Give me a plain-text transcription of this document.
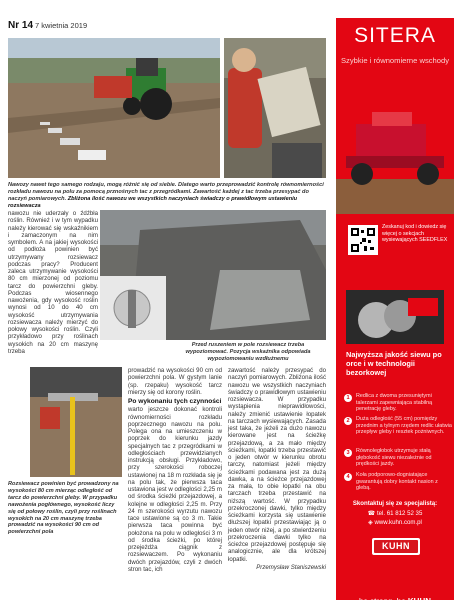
Nr 14 7 kwietnia 2019
Nawozy nawet tego samego rodzaju, mogą różnić się od siebie. Dlatego warto przeprowadzić kontrolę równomierności rozkładu nawozu na polu za pomocą prznośnych tac z przegródkami. Zawartość każdej z tac trzeba przesypać do naczyń pomiarowych. Zbliżona ilość nawozu we wszystkich naczyniach świadczy o prawidłowym ustawieniu rozsiewacza
nawozu nie uderzały o źdźbła roślin. Również i w tym wypadku należy kierować się wskaźnikiem i zamaczonym na nim symbolem. A na jakiej wysokości od podłoża powinien być utrzymywany rozsiewacz podczas pracy? Producent zaleca utrzymywanie wysokości 80 cm mierzonej od poziomu tarcz do powierzchni gleby. Podczas wiosennego nawożenia, gdy wysokość roślin wynosi od 10 do 40 cm wysokość utrzymywania rozsiewacza należy mierzyć do połowy wysokości roślin. Czyli przykładowo przy roślinach wysokich na 20 cm maszynę trzeba
Przed ruszeniem w pole rozsiewacz trzeba wypoziomować. Pozycja wskaźnika odpowiada wypoziomowaniu wzdłużnemu
Rozsiewacz powinien być prowadzony na wysokości 80 cm mierząc odległość od tarcz do powierzchni gleby. W przypadku nawożenia pogłównego, wysokość liczy się od połowy roślin, czyli przy roślinach wysokich na 20 cm maszynę trzeba prowadzić na wysokości 90 cm od powierzchni pola
prowadzić na wysokości 90 cm od powierzchni pola. W gystym lanie (sp. rzepaku) wysokość tarcz mierzy się od korony roślin.
Po wykonaniu tych czynności
warto jeszcze dokonać kontroli równomierności rozkładu poprzecznego nawozu na polu. Polega ona na umieszczeniu w poprzek do kierunku jazdy specjalnych tac z przegródkami w odległościach przewidzianych instrukcją obsługi. Przykładowo, przy szerokości roboczej ustawionej na 18 m rozkłada się je na polu tak, że pierwsza taca ustawiona jest w odległości 2,25 m od środka ścieżki przejazdowej, a kolejne w odległości 2,25 m. Przy 24 m szerokości wyrzutu nawozu tace ustawione są co 3 m. Takie pierwsza taca powinna być położona na polu w odległości 3 m od środka ścieżki, po której przejeżdża ciągnik z rozsiewaczem. Po wykonaniu dwóch przejazdów, czyli z dwóch stron tac, ich
zawartość należy przesypać do naczyń pomiarowych. Zbliżona ilość nawozu we wszystkich naczyniach świadczy o prawidłowym ustawieniu rozsiewacza. W przypadku wystąpienia nieprawidłowości, należy zmienić ustawienie łopatek na tarczach wysiewających. Zasada jest taka, że jeżeli za dużo nawozu kierowane jest na ścieżkę przejazdową, a za mało między ścieżkami, łopatki trzeba przestawić o jeden otwór w kierunku obrotu tarczy, natomiast jeżeli między ścieżkami podawana jest za dużą dawka, a na ścieżce przejazdowej za mała, to obie łopatki na obu tarczach trzeba przestawić na niższą wartość. W przypadku przekroczonej dawki, tylko między ścieżkami korzysta się ustawienie dłuższej łopatki przestawiając ją o jeden otwór niżej, a po stwierdzeniu przekroczenia dawki tylko na ścieżce przejazdowej postępuje się analogicznie, ale dla krótszej łopatki.
Przemysław Staniszewski
SITERA
Szybkie i równomierne wschody
Zeskanuj kod i dowiedz się więcej o sekcjach wysiewających SEEDFLEX
Najwyższa jakość siewu po orce i w technologii bezorkowej
1	Redlica z dwoma przesuniętymi talerzami zapewniająca stabilną penetrację gleby.
2	Duża odległość (55 cm) pomiędzy przednim a tylnym rzędem redlic ułatwia przepływ gleby i resztek pożniwnych.
3	Równoległobok utrzymuje stałą głębokość siewu niezależnie od prędkości jazdy.
4	Koła podporowo-dogniatające gwarantują dobry kontakt nasion z glebą.
Skontaktuj się ze specjalistą:
☎ tel. 61 812 52 35
◈ www.kuhn.com.pl
KUHN
be strong, be KUHN
